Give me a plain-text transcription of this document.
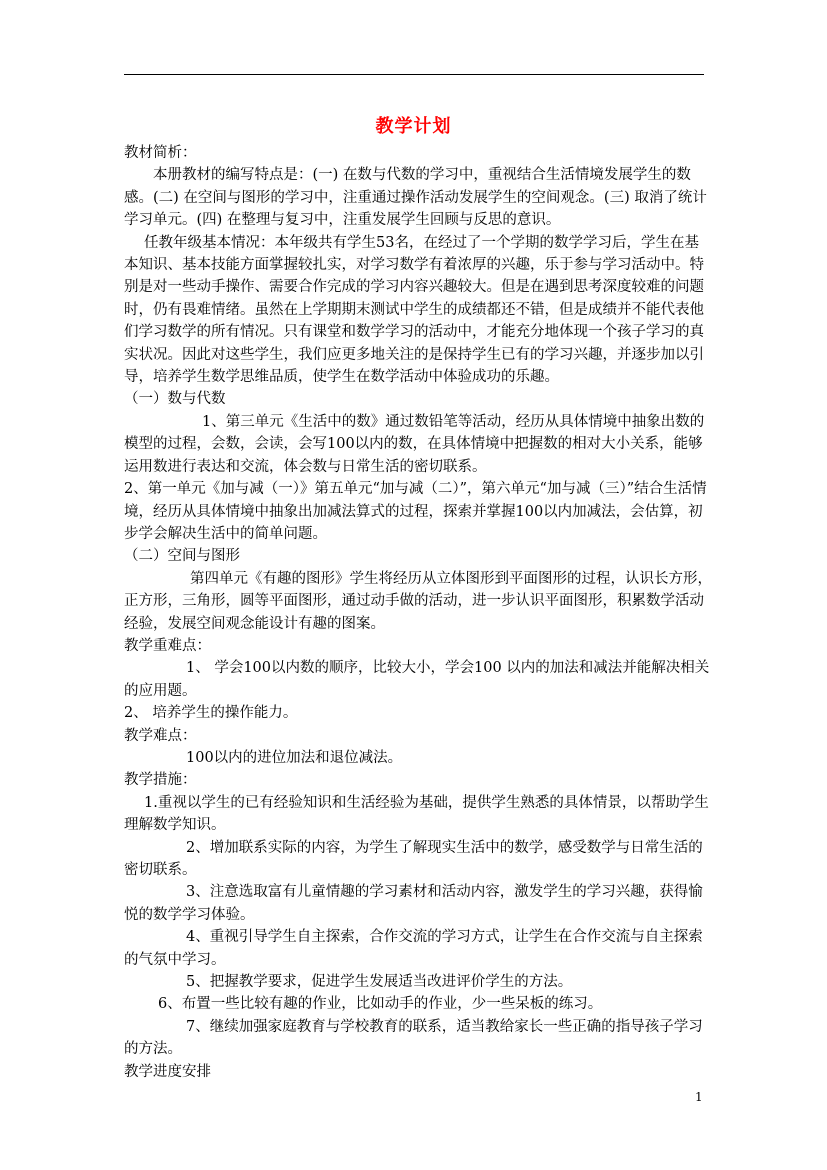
教学计划

教材简析：

本册教材的编写特点是：(一) 在数与代数的学习中，重视结合生活情境发展学生的数感。(二) 在空间与图形的学习中，注重通过操作活动发展学生的空间观念。(三) 取消了统计学习单元。(四) 在整理与复习中，注重发展学生回顾与反思的意识。

任教年级基本情况：本年级共有学生53名，在经过了一个学期的数学学习后，学生在基本知识、基本技能方面掌握较扎实，对学习数学有着浓厚的兴趣，乐于参与学习活动中。特别是对一些动手操作、需要合作完成的学习内容兴趣较大。但是在遇到思考深度较难的问题时，仍有畏难情绪。虽然在上学期期末测试中学生的成绩都还不错，但是成绩并不能代表他们学习数学的所有情况。只有课堂和数学学习的活动中，才能充分地体现一个孩子学习的真实状况。因此对这些学生，我们应更多地关注的是保持学生已有的学习兴趣，并逐步加以引导，培养学生数学思维品质，使学生在数学活动中体验成功的乐趣。

（一）数与代数

1、第三单元《生活中的数》通过数铅笔等活动，经历从具体情境中抽象出数的模型的过程，会数，会读，会写100以内的数，在具体情境中把握数的相对大小关系，能够运用数进行表达和交流，体会数与日常生活的密切联系。

2、第一单元《加与减（一）》第五单元“加与减（二）”，第六单元“加与减（三）”结合生活情境，经历从具体情境中抽象出加减法算式的过程，探索并掌握100以内加减法，会估算，初步学会解决生活中的简单问题。

（二）空间与图形

第四单元《有趣的图形》学生将经历从立体图形到平面图形的过程，认识长方形，正方形，三角形，圆等平面图形，通过动手做的活动，进一步认识平面图形，积累数学活动经验，发展空间观念能设计有趣的图案。

教学重难点：

1、 学会100以内数的顺序，比较大小，学会100 以内的加法和减法并能解决相关的应用题。

2、 培养学生的操作能力。

教学难点：

100以内的进位加法和退位减法。

教学措施：

1.重视以学生的已有经验知识和生活经验为基础，提供学生熟悉的具体情景，以帮助学生理解数学知识。

2、增加联系实际的内容，为学生了解现实生活中的数学，感受数学与日常生活的密切联系。

3、注意选取富有儿童情趣的学习素材和活动内容，激发学生的学习兴趣，获得愉悦的数学学习体验。

4、重视引导学生自主探索，合作交流的学习方式，让学生在合作交流与自主探索的气氛中学习。

5、把握教学要求，促进学生发展适当改进评价学生的方法。

6、布置一些比较有趣的作业，比如动手的作业，少一些呆板的练习。

7、继续加强家庭教育与学校教育的联系，适当教给家长一些正确的指导孩子学习的方法。

教学进度安排

1
